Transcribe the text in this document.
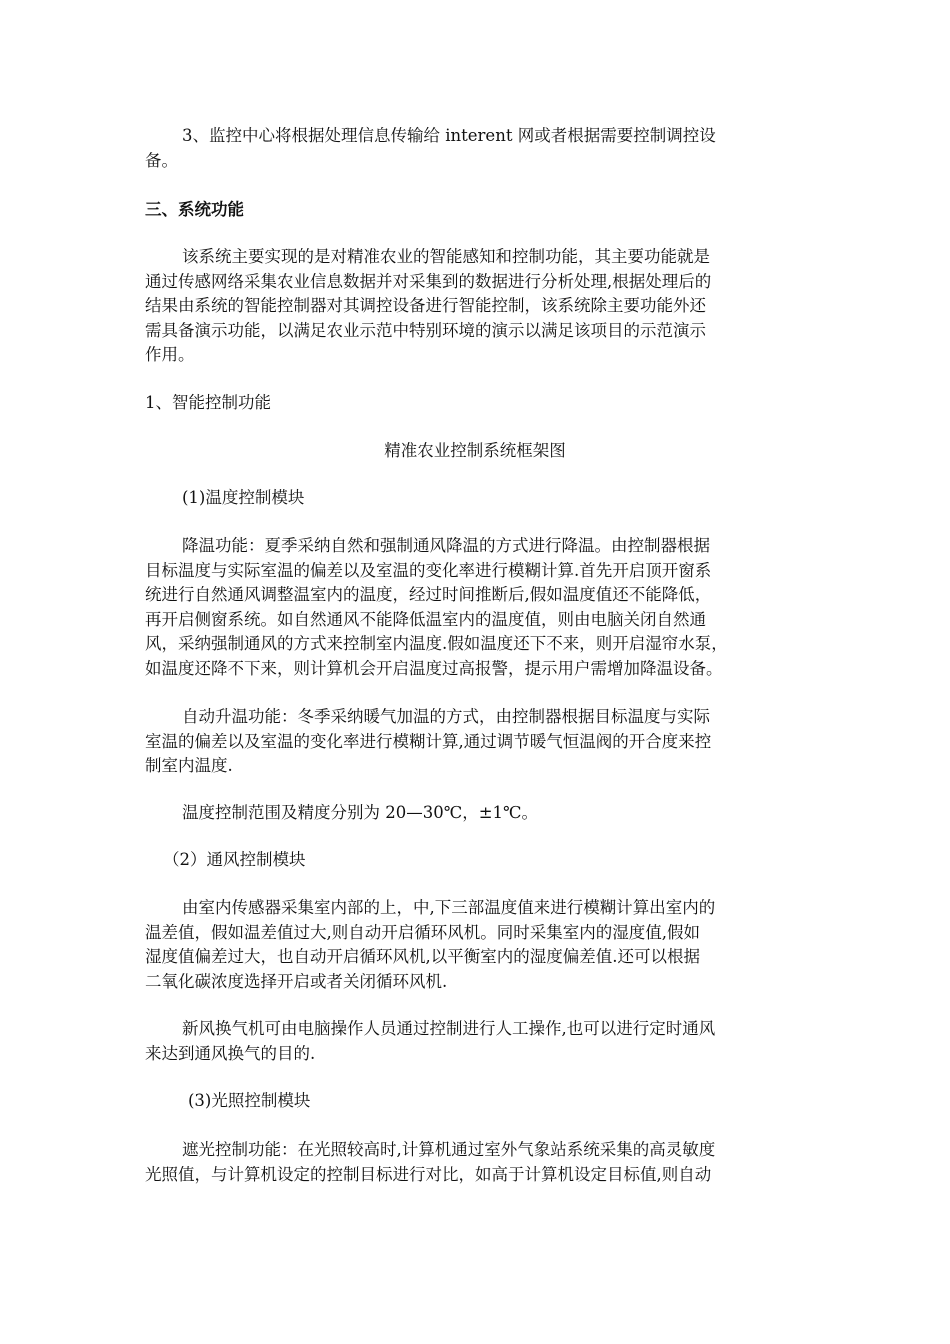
3、监控中心将根据处理信息传输给 interent 网或者根据需要控制调控设
备。
三、系统功能
该系统主要实现的是对精准农业的智能感知和控制功能，其主要功能就是
通过传感网络采集农业信息数据并对采集到的数据进行分析处理,根据处理后的
结果由系统的智能控制器对其调控设备进行智能控制，该系统除主要功能外还
需具备演示功能，以满足农业示范中特别环境的演示以满足该项目的示范演示
作用。
1、智能控制功能
精准农业控制系统框架图
(1)温度控制模块
降温功能：夏季采纳自然和强制通风降温的方式进行降温。由控制器根据
目标温度与实际室温的偏差以及室温的变化率进行模糊计算.首先开启顶开窗系
统进行自然通风调整温室内的温度，经过时间推断后,假如温度值还不能降低，
再开启侧窗系统。如自然通风不能降低温室内的温度值，则由电脑关闭自然通
风，采纳强制通风的方式来控制室内温度.假如温度还下不来，则开启湿帘水泵，
如温度还降不下来，则计算机会开启温度过高报警，提示用户需增加降温设备。
自动升温功能：冬季采纳暖气加温的方式，由控制器根据目标温度与实际
室温的偏差以及室温的变化率进行模糊计算,通过调节暖气恒温阀的开合度来控
制室内温度.
温度控制范围及精度分别为 20—30℃，±1℃。
（2）通风控制模块
由室内传感器采集室内部的上，中,下三部温度值来进行模糊计算出室内的
温差值，假如温差值过大,则自动开启循环风机。同时采集室内的湿度值,假如
湿度值偏差过大，也自动开启循环风机,以平衡室内的湿度偏差值.还可以根据
二氧化碳浓度选择开启或者关闭循环风机.
新风换气机可由电脑操作人员通过控制进行人工操作,也可以进行定时通风
来达到通风换气的目的.
(3)光照控制模块
遮光控制功能：在光照较高时,计算机通过室外气象站系统采集的高灵敏度
光照值，与计算机设定的控制目标进行对比，如高于计算机设定目标值,则自动
